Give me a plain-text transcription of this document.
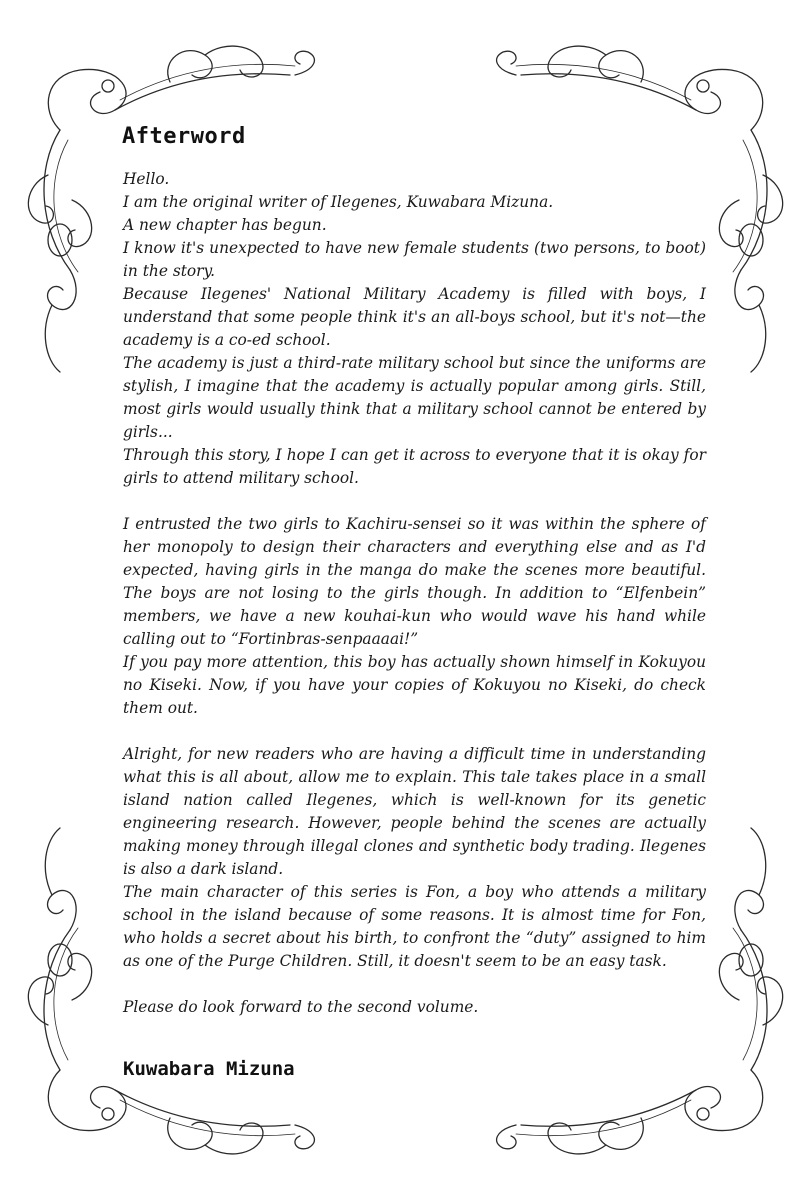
Afterword

Hello.

I am the original writer of Ilegenes, Kuwabara Mizuna.

A new chapter has begun.

I know it's unexpected to have new female students (two persons, to boot) in the story.

Because Ilegenes' National Military Academy is filled with boys, I understand that some people think it's an all-boys school, but it's not—the academy is a co-ed school.

The academy is just a third-rate military school but since the uniforms are stylish, I imagine that the academy is actually popular among girls. Still, most girls would usually think that a military school cannot be entered by girls...

Through this story, I hope I can get it across to everyone that it is okay for girls to attend military school.

I entrusted the two girls to Kachiru-sensei so it was within the sphere of her monopoly to design their characters and everything else and as I'd expected, having girls in the manga do make the scenes more beautiful. The boys are not losing to the girls though. In addition to “Elfenbein” members, we have a new kouhai-kun who would wave his hand while calling out to “Fortinbras-senpaaaai!”

If you pay more attention, this boy has actually shown himself in Kokuyou no Kiseki. Now, if you have your copies of Kokuyou no Kiseki, do check them out.

Alright, for new readers who are having a difficult time in understanding what this is all about, allow me to explain. This tale takes place in a small island nation called Ilegenes, which is well-known for its genetic engineering research. However, people behind the scenes are actually making money through illegal clones and synthetic body trading. Ilegenes is also a dark island.

The main character of this series is Fon, a boy who attends a military school in the island because of some reasons. It is almost time for Fon, who holds a secret about his birth, to confront the “duty” assigned to him as one of the Purge Children. Still, it doesn't seem to be an easy task.

Please do look forward to the second volume.

Kuwabara Mizuna
